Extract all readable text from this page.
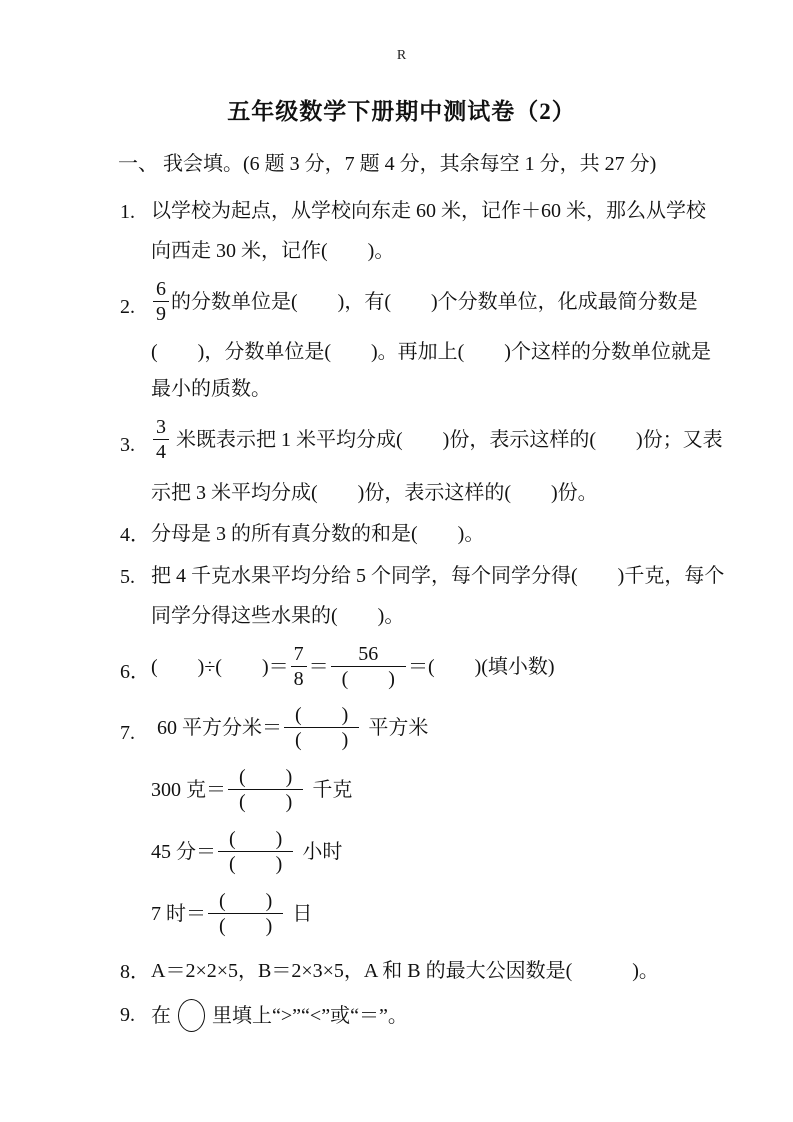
R
五年级数学下册期中测试卷（2）
一、 我会填。(6 题 3 分，7 题 4 分，其余每空 1 分，共 27 分)
1. 以学校为起点，从学校向东走 60 米，记作＋60 米，那么从学校
向西走 30 米，记作(　　)。
2. $\frac{6}{9}$ 的分数单位是(　　)，有(　　)个分数单位，化成最简分数是
(　　)，分数单位是(　　)。再加上(　　)个这样的分数单位就是
最小的质数。
3. $\frac{3}{4}$ 米既表示把 1 米平均分成(　　)份，表示这样的(　　)份；又表
示把 3 米平均分成(　　)份，表示这样的(　　)份。
4． 分母是 3 的所有真分数的和是(　　)。
5. 把 4 千克水果平均分给 5 个同学，每个同学分得(　　)千克，每个
同学分得这些水果的(　　)。
6． (　　)÷(　　)＝ $\frac{7}{8} = \frac{56}{( )}$ ＝(　　)(填小数)
7.	60 平方分米＝ $\frac{( )}{( )}$ 平方米
300 克＝ $\frac{( )}{( )}$ 千克
45 分＝ $\frac{( )}{( )}$ 小时
7 时＝ $\frac{( )}{( )}$ 日
8． A＝2×2×5，B＝2×3×5，A 和 B 的最大公因数是(　　　)。
9. 在 里填上“>”“<”或“＝”。
